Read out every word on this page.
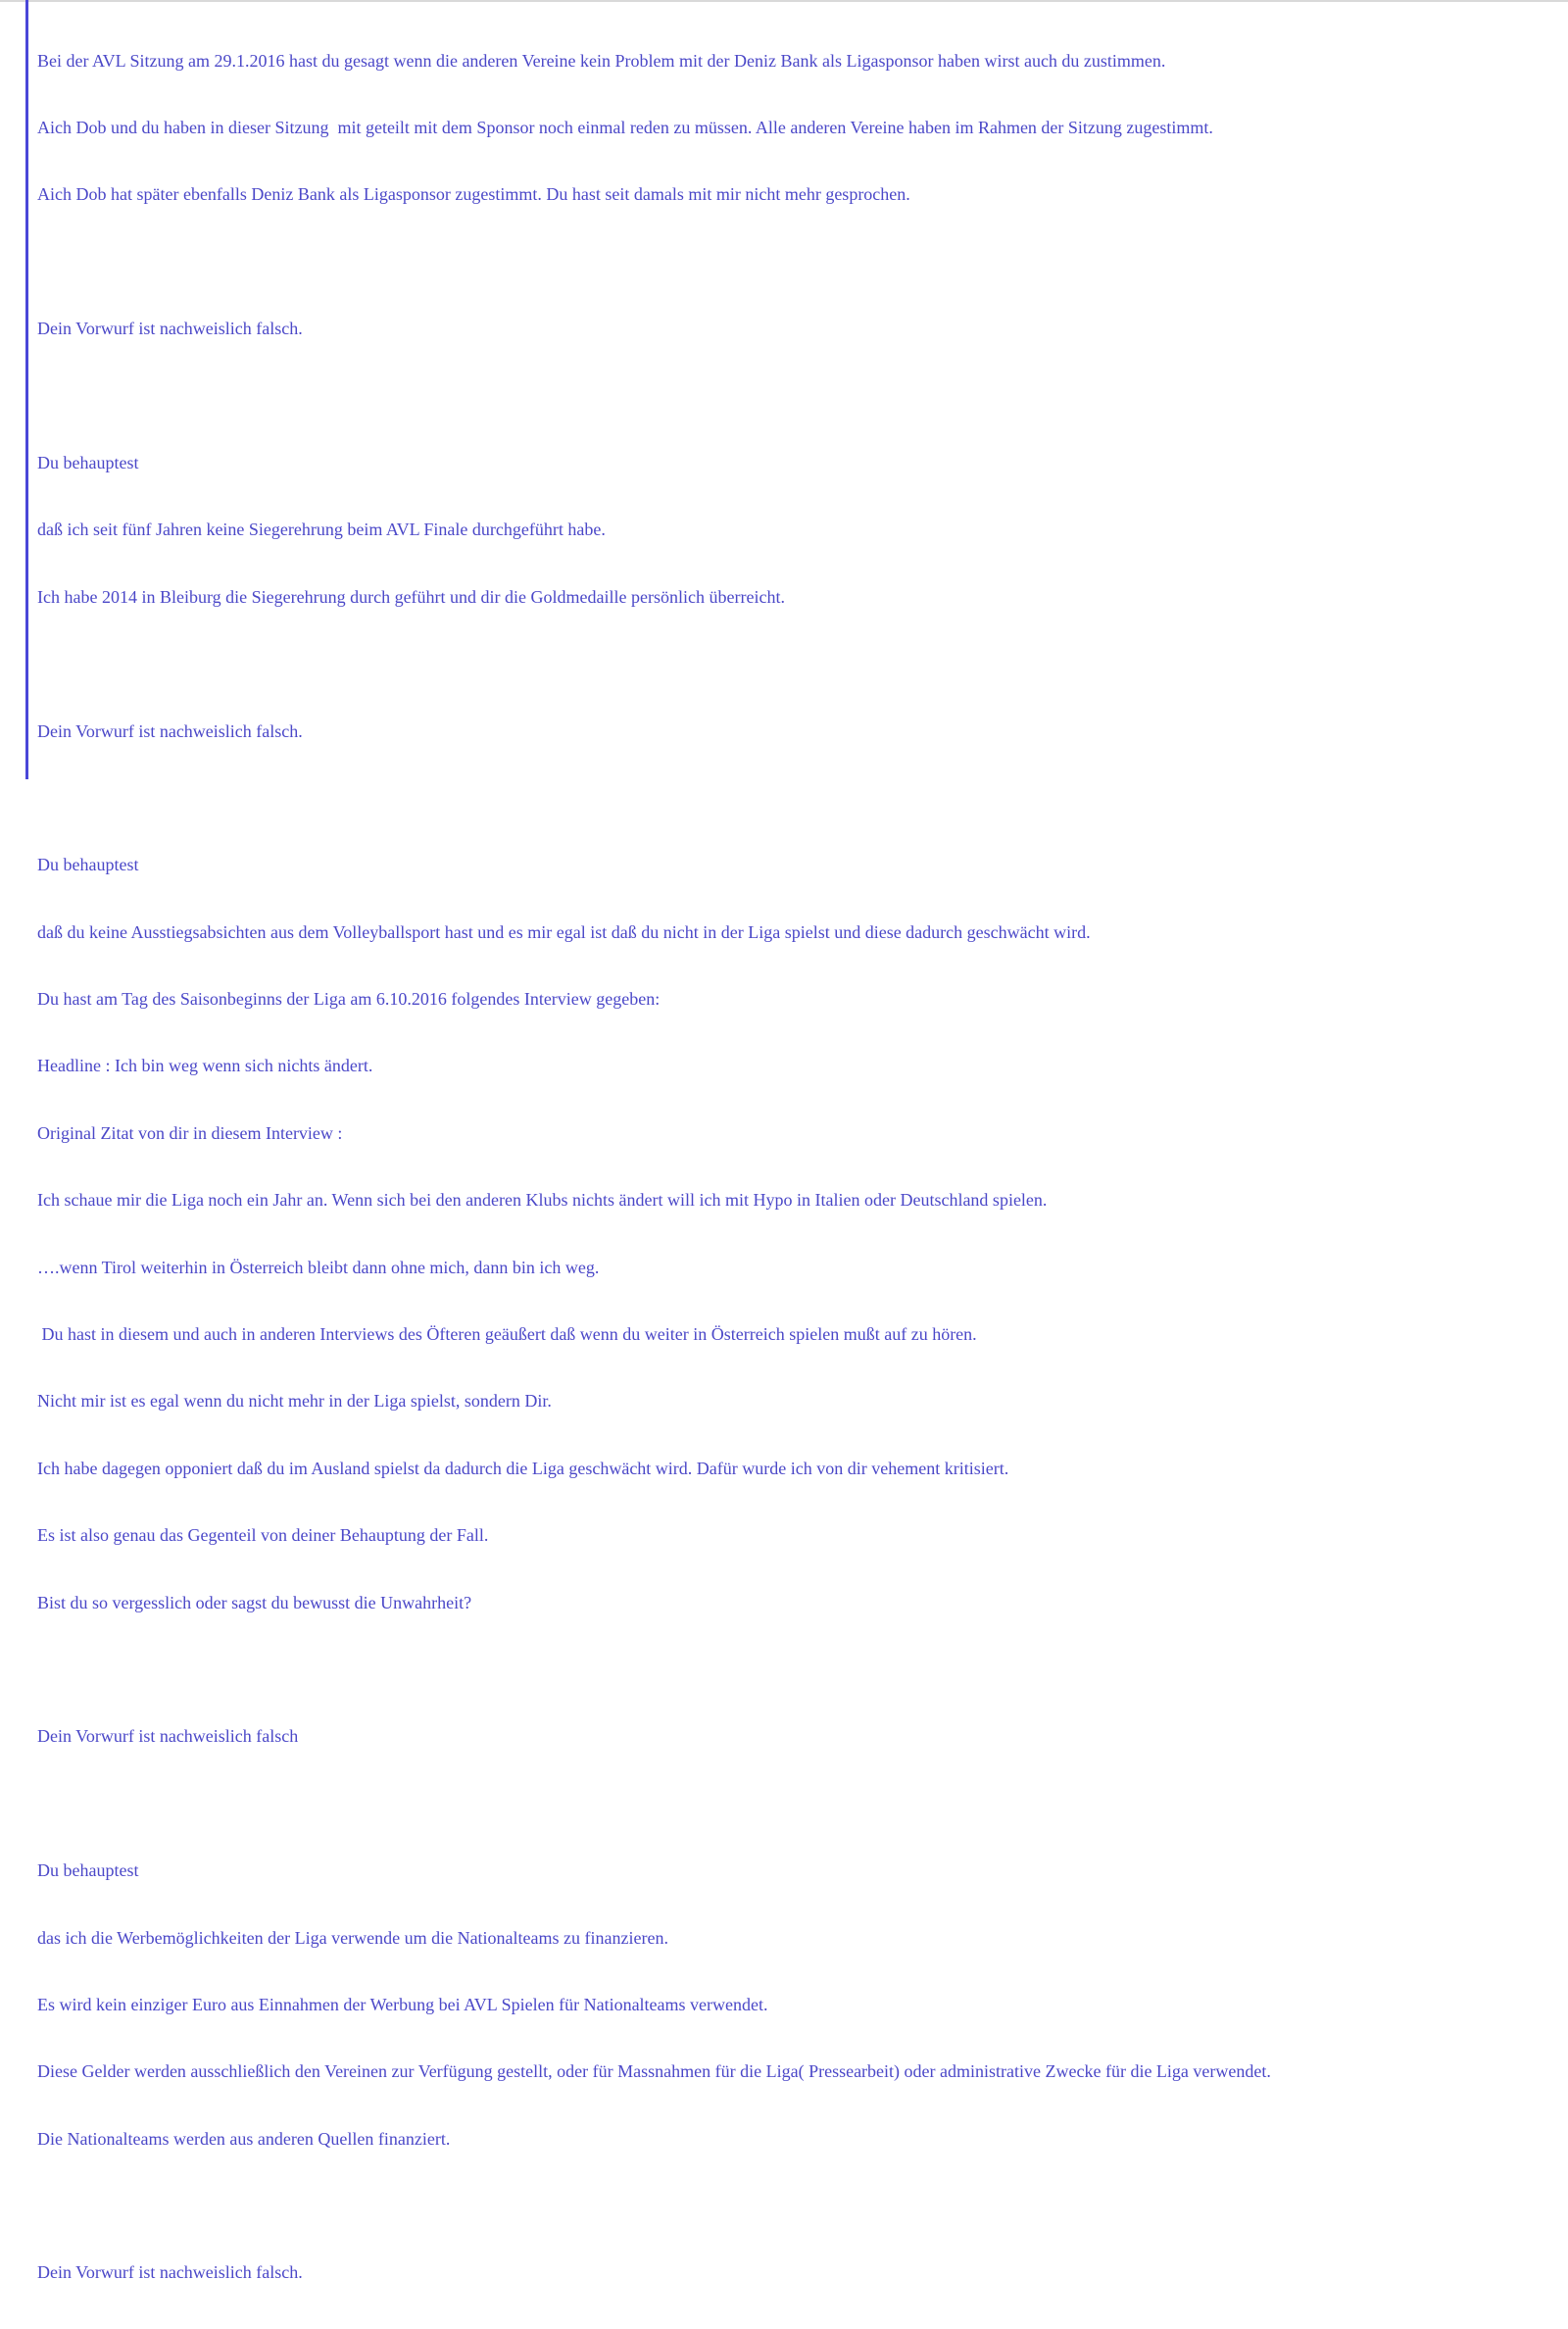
Bei der AVL Sitzung am 29.1.2016 hast du gesagt wenn die anderen Vereine kein Problem mit der Deniz Bank als Ligasponsor haben wirst auch du zustimmen.

Aich Dob und du haben in dieser Sitzung  mit geteilt mit dem Sponsor noch einmal reden zu müssen. Alle anderen Vereine haben im Rahmen der Sitzung zugestimmt.

Aich Dob hat später ebenfalls Deniz Bank als Ligasponsor zugestimmt. Du hast seit damals mit mir nicht mehr gesprochen.

Dein Vorwurf ist nachweislich falsch.

Du behauptest

daß ich seit fünf Jahren keine Siegerehrung beim AVL Finale durchgeführt habe.

Ich habe 2014 in Bleiburg die Siegerehrung durch geführt und dir die Goldmedaille persönlich überreicht.

Dein Vorwurf ist nachweislich falsch.

Du behauptest

daß du keine Ausstiegsabsichten aus dem Volleyballsport hast und es mir egal ist daß du nicht in der Liga spielst und diese dadurch geschwächt wird.

Du hast am Tag des Saisonbeginns der Liga am 6.10.2016 folgendes Interview gegeben:

Headline : Ich bin weg wenn sich nichts ändert.

Original Zitat von dir in diesem Interview :

Ich schaue mir die Liga noch ein Jahr an. Wenn sich bei den anderen Klubs nichts ändert will ich mit Hypo in Italien oder Deutschland spielen.

….wenn Tirol weiterhin in Österreich bleibt dann ohne mich, dann bin ich weg.

Du hast in diesem und auch in anderen Interviews des Öfteren geäußert daß wenn du weiter in Österreich spielen mußt auf zu hören.

Nicht mir ist es egal wenn du nicht mehr in der Liga spielst, sondern Dir.

Ich habe dagegen opponiert daß du im Ausland spielst da dadurch die Liga geschwächt wird. Dafür wurde ich von dir vehement kritisiert.

Es ist also genau das Gegenteil von deiner Behauptung der Fall.

Bist du so vergesslich oder sagst du bewusst die Unwahrheit?

Dein Vorwurf ist nachweislich falsch

Du behauptest

das ich die Werbemöglichkeiten der Liga verwende um die Nationalteams zu finanzieren.

Es wird kein einziger Euro aus Einnahmen der Werbung bei AVL Spielen für Nationalteams verwendet.

Diese Gelder werden ausschließlich den Vereinen zur Verfügung gestellt, oder für Massnahmen für die Liga( Pressearbeit) oder administrative Zwecke für die Liga verwendet.

Die Nationalteams werden aus anderen Quellen finanziert.

Dein Vorwurf ist nachweislich falsch.
